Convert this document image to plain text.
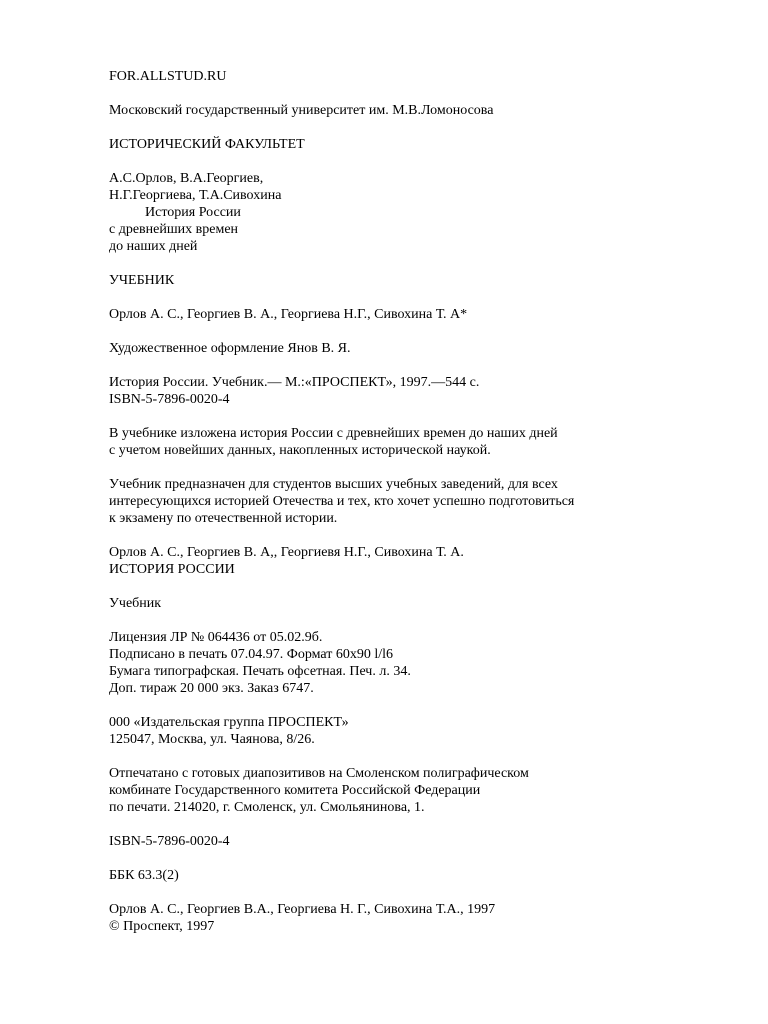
FOR.ALLSTUD.RU
Московский государственный университет им. М.В.Ломоносова
ИСТОРИЧЕСКИЙ ФАКУЛЬТЕТ
А.С.Орлов, В.А.Георгиев,
Н.Г.Георгиева, Т.А.Сивохина
История России
с древнейших времен
до наших дней
УЧЕБНИК
Орлов А. С., Георгиев В. А., Георгиева Н.Г., Сивохина Т. А*
Художественное оформление Янов В. Я.
История России. Учебник.— М.:«ПРОСПЕКТ», 1997.—544 с.
ISBN-5-7896-0020-4
В учебнике изложена история России с древнейших времен до наших дней
с учетом новейших данных, накопленных исторической наукой.
Учебник предназначен для студентов высших учебных заведений, для всех
интересующихся историей Отечества и тех, кто хочет успешно подготовиться
к экзамену по отечественной истории.
Орлов А. С., Георгиев В. А,, Георгиевя Н.Г., Сивохина Т. А.
ИСТОРИЯ РОССИИ
Учебник
Лицензия ЛР № 064436 от 05.02.9б.
Подписано в печать 07.04.97. Формат 60х90 l/l6
Бумага типографская. Печать офсетная. Печ. л. 34.
Доп. тираж 20 000 экз. Заказ 6747.
000 «Издательская группа ПРОСПЕКТ»
125047, Москва, ул. Чаянова, 8/26.
Отпечатано с готовых диапозитивов на Смоленском полиграфическом
комбинате Государственного комитета Российской Федерации
по печати. 214020, г. Смоленск, ул. Смольянинова, 1.
ISBN-5-7896-0020-4
ББК 63.3(2)
Орлов А. С., Георгиев В.А., Георгиева Н. Г., Сивохина Т.А., 1997
© Проспект, 1997
